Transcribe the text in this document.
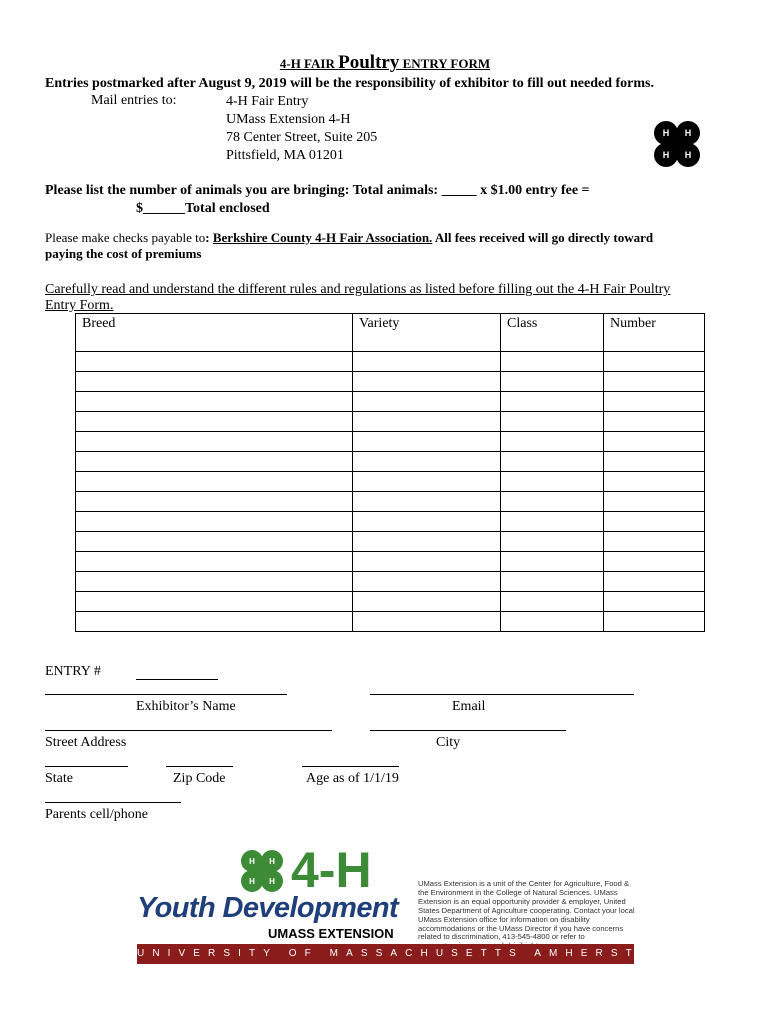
4-H FAIR Poultry ENTRY FORM
Entries postmarked after August 9, 2019 will be the responsibility of exhibitor to fill out needed forms.
Mail entries to:	4-H Fair Entry
UMass Extension 4-H
78 Center Street, Suite 205
Pittsfield, MA 01201
H H
H H
Please list the number of animals you are bringing: Total animals: _____ x $1.00 entry fee =
$______Total enclosed
Please make checks payable to: Berkshire County 4-H Fair Association. All fees received will go directly toward
paying the cost of premiums
Carefully read and understand the different rules and regulations as listed before filling out the 4-H Fair Poultry
Entry Form.
Breed	Variety	Class	Number

ENTRY #
Exhibitor’s Name	Email
Street Address	City
State	Zip Code	Age as of 1/1/19
Parents cell/phone
H H
H H 4-H
Youth Development
UMASS EXTENSION
UMass Extension is a unit of the Center for Agriculture, Food & the Environment in the College of Natural Sciences. UMass Extension is an equal opportunity provider & employer, United States Department of Agriculture cooperating. Contact your local UMass Extension office for information on disability accommodations or the UMass Director if you have concerns related to discrimination, 413-545-4800 or refer to
UNIVERSITY OF MASSACHUSETTS AMHERST
